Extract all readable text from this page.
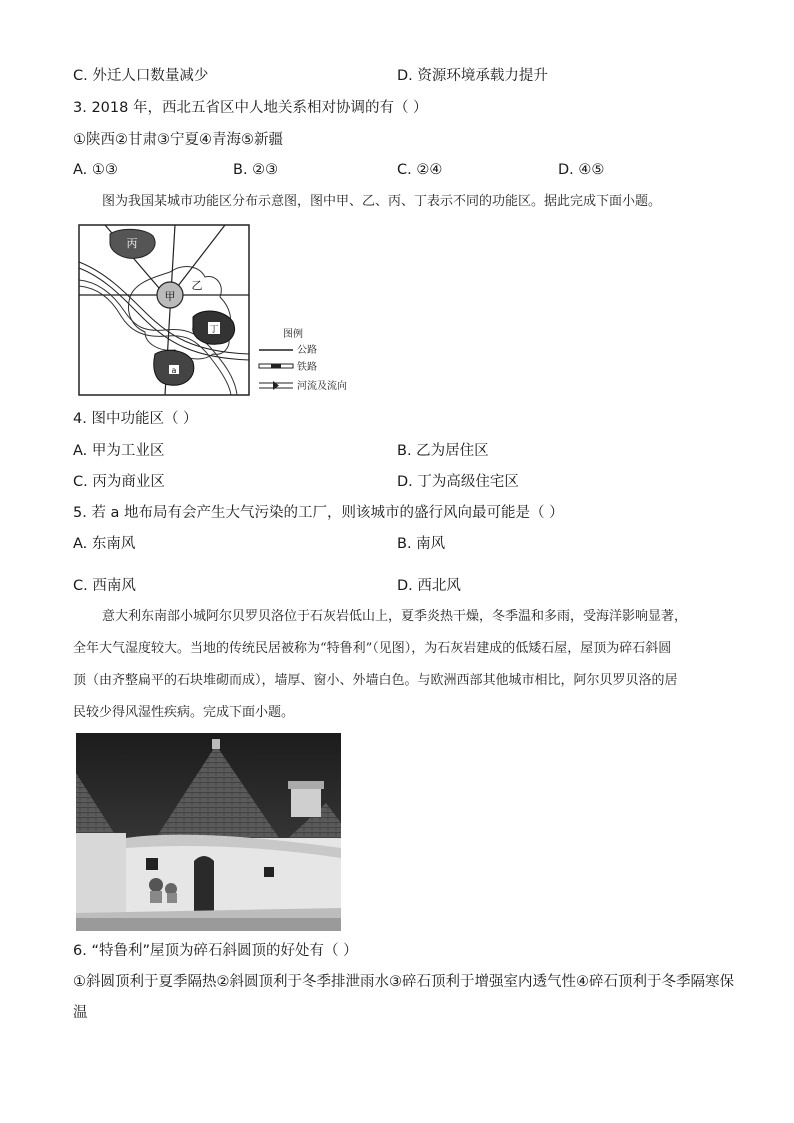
C. 外迁人口数量减少	D. 资源环境承载力提升
3. 2018 年，西北五省区中人地关系相对协调的有（ ）
①陕西②甘肃③宁夏④青海⑤新疆
A. ①③	B. ②③	C. ②④	D. ④⑤
图为我国某城市功能区分布示意图，图中甲、乙、丙、丁表示不同的功能区。据此完成下面小题。
甲
乙
丙
丁
a
图例
公路
铁路
河流及流向
4. 图中功能区（ ）
A. 甲为工业区	B. 乙为居住区
C. 丙为商业区	D. 丁为高级住宅区
5. 若 a 地布局有会产生大气污染的工厂，则该城市的盛行风向最可能是（ ）
A. 东南风	B. 南风
C. 西南风	D. 西北风
意大利东南部小城阿尔贝罗贝洛位于石灰岩低山上，夏季炎热干燥，冬季温和多雨，受海洋影响显著，
全年大气湿度较大。当地的传统民居被称为“特鲁利”（见图），为石灰岩建成的低矮石屋，屋顶为碎石斜圆
顶（由齐整扁平的石块堆砌而成），墙厚、窗小、外墙白色。与欧洲西部其他城市相比，阿尔贝罗贝洛的居
民较少得风湿性疾病。完成下面小题。
6. “特鲁利”屋顶为碎石斜圆顶的好处有（ ）
①斜圆顶利于夏季隔热②斜圆顶利于冬季排泄雨水③碎石顶利于增强室内透气性④碎石顶利于冬季隔寒保
温
